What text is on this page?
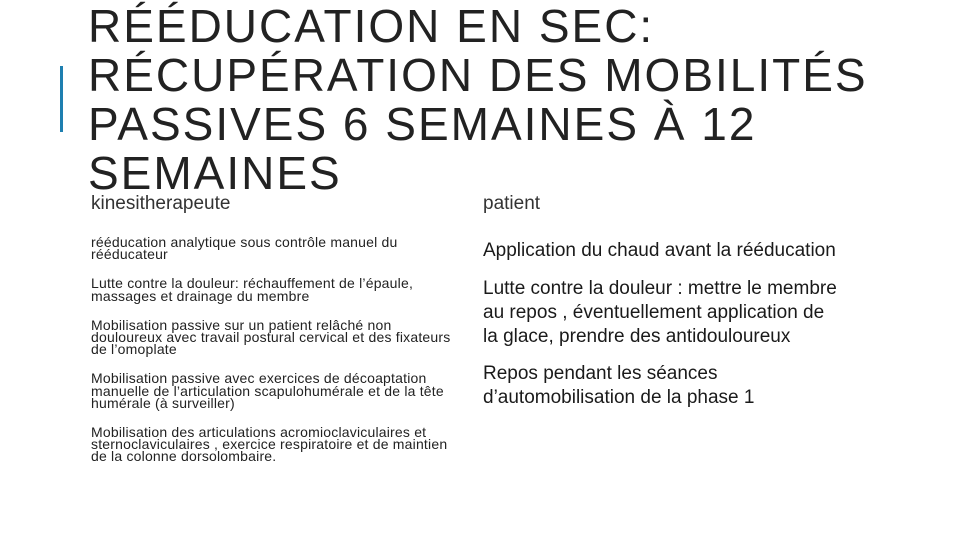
RÉÉDUCATION EN SEC: RÉCUPÉRATION DES MOBILITÉS PASSIVES 6 SEMAINES À 12 SEMAINES

kinesitherapeute	patient

rééducation analytique sous contrôle manuel du rééducateur
Lutte contre la douleur: réchauffement de l’épaule, massages et drainage du membre
Mobilisation passive sur un patient relâché non douloureux avec travail postural cervical et des fixateurs de l’omoplate
Mobilisation passive avec exercices de décoaptation manuelle de l’articulation scapulohumérale et de la tête humérale (à surveiller)
Mobilisation des articulations acromioclaviculaires et sternoclaviculaires , exercice respiratoire et de maintien de la colonne dorsolombaire.
Application du chaud avant la rééducation
Lutte contre la douleur : mettre le membre au repos , éventuellement application de la glace, prendre des antidouloureux
Repos pendant les séances d’automobilisation de la phase 1
